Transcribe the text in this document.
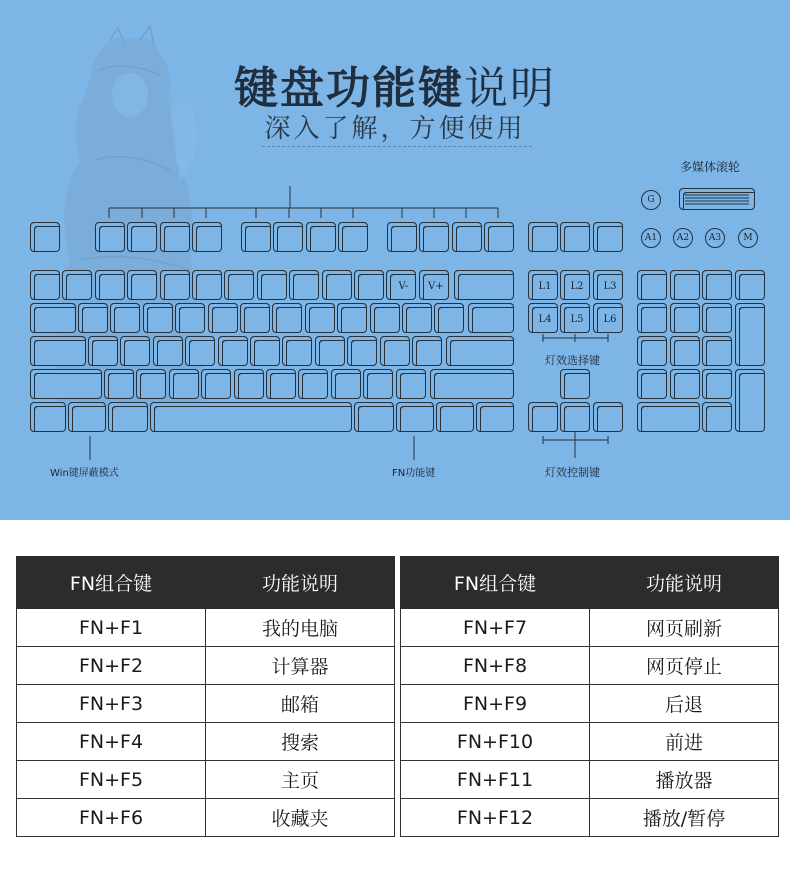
键盘功能键说明
深入了解，方便使用
V-	V+	L1	L2	L3
L4	L5	L6
G
A1	A2	A3	M
多媒体滚轮
灯效选择键
灯效控制键
Win键屏蔽模式	FN功能键
FN组合键	功能说明
FN+F1	我的电脑
FN+F2	计算器
FN+F3	邮箱
FN+F4	搜索
FN+F5	主页
FN+F6	收藏夹
FN组合键	功能说明
FN+F7	网页刷新
FN+F8	网页停止
FN+F9	后退
FN+F10	前进
FN+F11	播放器
FN+F12	播放/暂停
